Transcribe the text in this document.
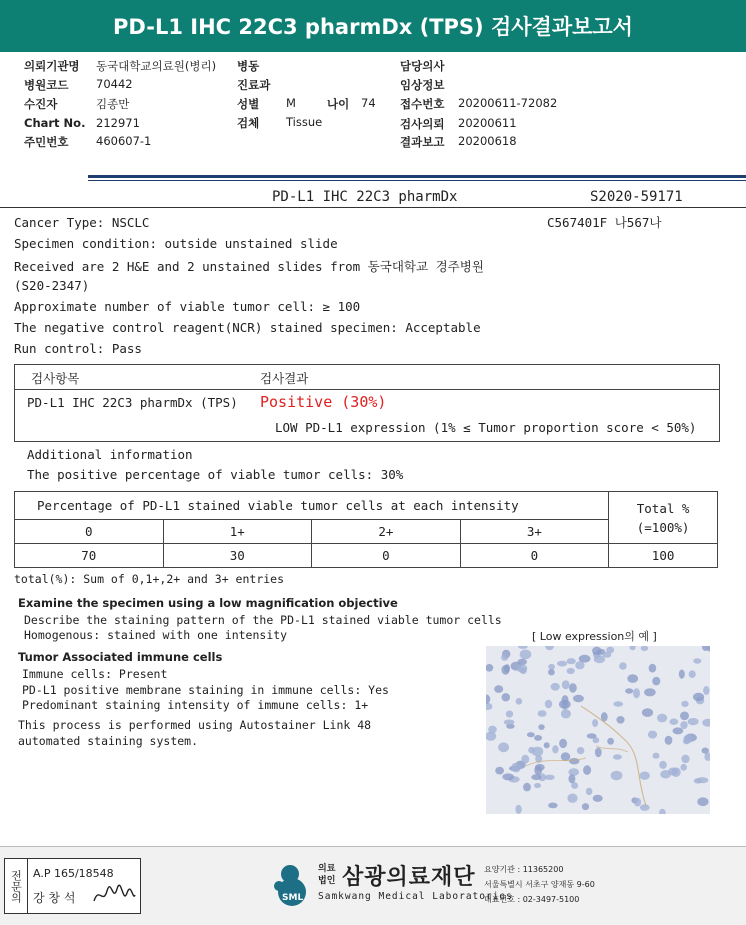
PD-L1 IHC 22C3 pharmDx (TPS) 검사결과보고서
의뢰기관명 동국대학교의료원(병리)
병원코드 70442
수진자	김종만
Chart No. 212971
주민번호 460607-1
병동
진료과
성별 M	나이 74
검체 Tissue
담당의사
임상정보
접수번호 20200611-72082
검사의뢰 20200611
결과보고 20200618
PD-L1 IHC 22C3 pharmDx	S2020-59171
C567401F 나567나
Cancer Type: NSCLC
Specimen condition: outside unstained slide
Received are 2 H&E and 2 unstained slides from 동국대학교 경주병원
(S20-2347)
Approximate number of viable tumor cell: ≥ 100
The negative control reagent(NCR) stained specimen: Acceptable
Run control: Pass
검사항목	검사결과
PD-L1 IHC 22C3 pharmDx (TPS) Positive (30%)
LOW PD-L1 expression (1% ≤ Tumor proportion score < 50%)
Additional information
The positive percentage of viable tumor cells: 30%
Percentage of PD-L1 stained viable tumor cells at each intensity				Total %
(=100%)
0	1+	2+	3+	
70	30	0	0	100
total(%): Sum of 0,1+,2+ and 3+ entries
Examine the specimen using a low magnification objective
Describe the staining pattern of the PD-L1 stained viable tumor cells
Homogenous: stained with one intensity	[ Low expression의 예 ]
Tumor Associated immune cells
Immune cells: Present
PD-L1 positive membrane staining in immune cells: Yes
Predominant staining intensity of immune cells: 1+
This process is performed using Autostainer Link 48
automated staining system.
전문의 A.P 165/18548
강 창 석	SML
의료
법인 삼광의료재단
Samkwang Medical Laboratories
요양기관 : 11365200
서울특별시 서초구 양재동 9-60
대표번호 : 02-3497-5100
